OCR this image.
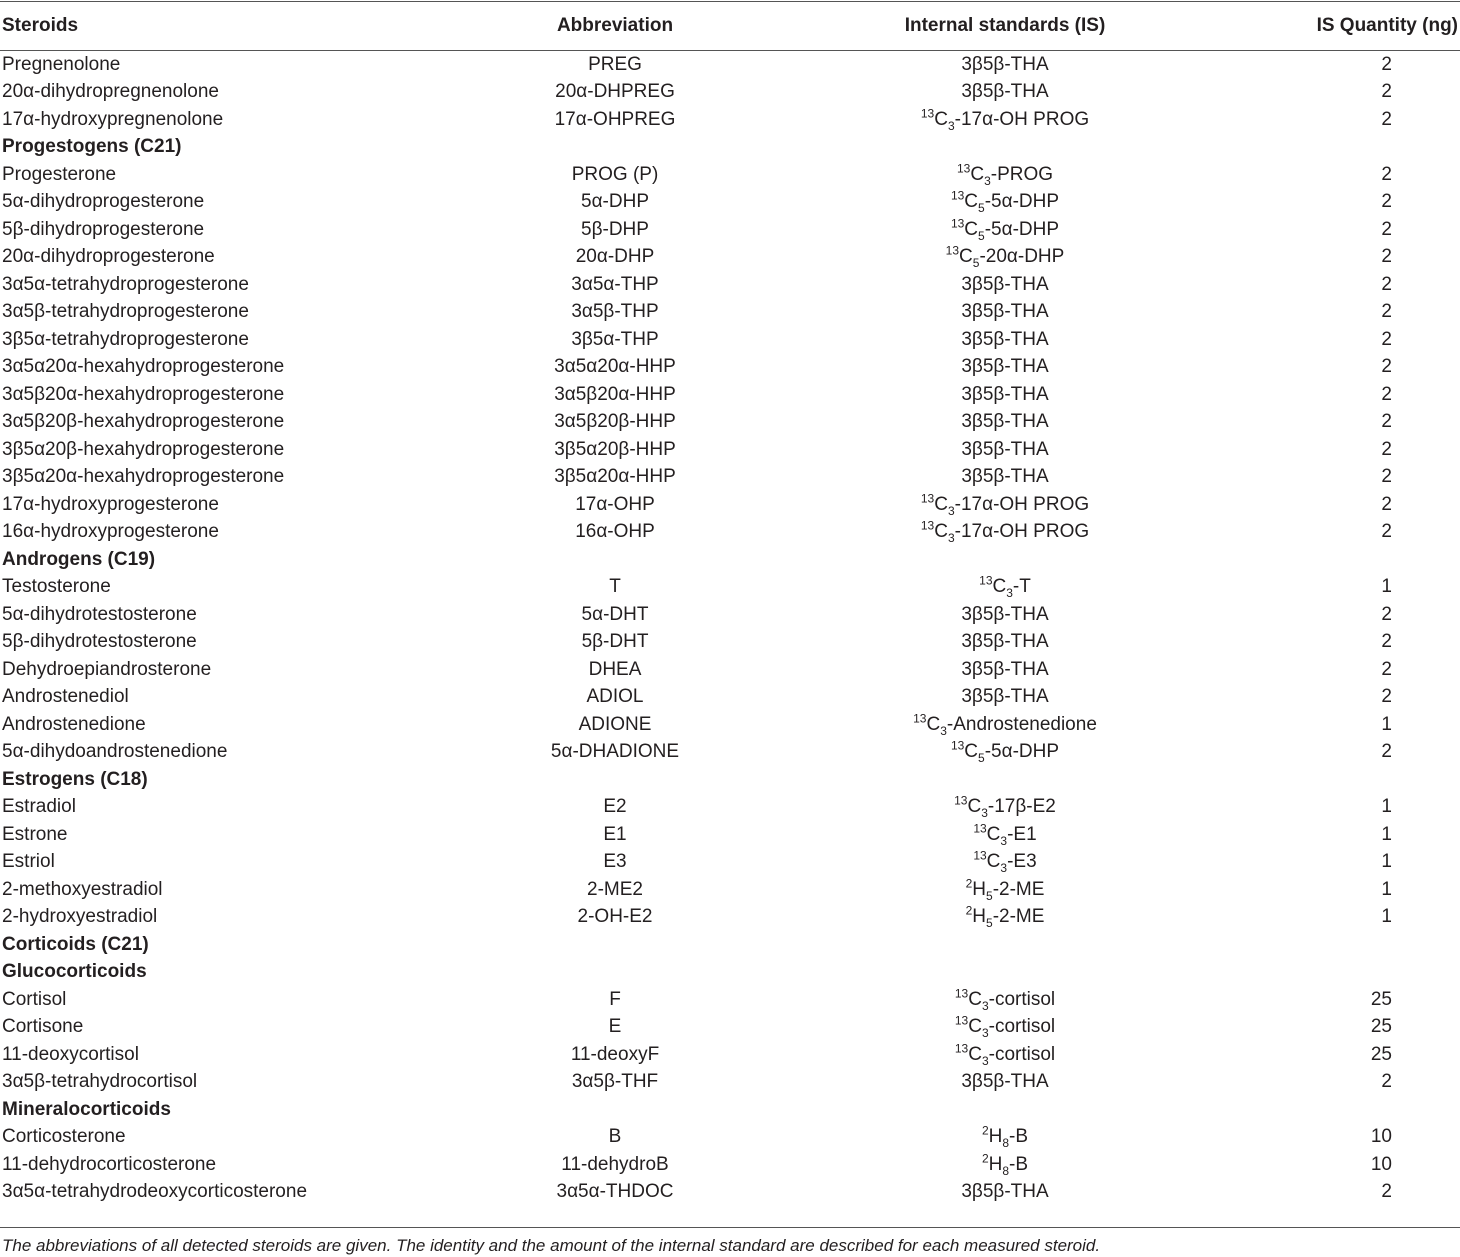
Steroids	Abbreviation	Internal standards (IS)	IS Quantity (ng)
Pregnenolone	PREG	3β5β-THA	2
20α-dihydropregnenolone	20α-DHPREG	3β5β-THA	2
17α-hydroxypregnenolone	17α-OHPREG	$^{13}C_3-17\alpha-OH$ PROG	2
Progestogens (C21)			
Progesterone	PROG (P)	$^{13}C_3$-PROG	2
5α-dihydroprogesterone	5α-DHP	$^{13}C_5-5\alpha$-DHP	2
5β-dihydroprogesterone	5β-DHP	$^{13}C_5-5\alpha$-DHP	2
20α-dihydroprogesterone	20α-DHP	$^{13}C_5-20\alpha$-DHP	2
3α5α-tetrahydroprogesterone	3α5α-THP	3β5β-THA	2
3α5β-tetrahydroprogesterone	3α5β-THP	3β5β-THA	2
3β5α-tetrahydroprogesterone	3β5α-THP	3β5β-THA	2
3α5α20α-hexahydroprogesterone	3α5α20α-HHP	3β5β-THA	2
3α5β20α-hexahydroprogesterone	3α5β20α-HHP	3β5β-THA	2
3α5β20β-hexahydroprogesterone	3α5β20β-HHP	3β5β-THA	2
3β5α20β-hexahydroprogesterone	3β5α20β-HHP	3β5β-THA	2
3β5α20α-hexahydroprogesterone	3β5α20α-HHP	3β5β-THA	2
17α-hydroxyprogesterone	17α-OHP	$^{13}C_3-17\alpha-OH$ PROG	2
16α-hydroxyprogesterone	16α-OHP	$^{13}C_3-17\alpha-OH$ PROG	2
Androgens (C19)			
Testosterone	T	$^{13}C_3-T$	1
5α-dihydrotestosterone	5α-DHT	3β5β-THA	2
5β-dihydrotestosterone	5β-DHT	3β5β-THA	2
Dehydroepiandrosterone	DHEA	3β5β-THA	2
Androstenediol	ADIOL	3β5β-THA	2
Androstenedione	ADIONE	$^{13}C_3$-Androstenedione	1
5α-dihydoandrostenedione	5α-DHADIONE	$^{13}C_5-5\alpha$-DHP	2
Estrogens (C18)			
Estradiol	E2	$^{13}C_3-17\beta-E2$	1
Estrone	E1	$^{13}C_3-E1$	1
Estriol	E3	$^{13}C_3-E3$	1
2-methoxyestradiol	2-ME2	$^2H_5-2-ME$	1
2-hydroxyestradiol	2-OH-E2	$^2H_5-2-ME$	1
Corticoids (C21)			
Glucocorticoids			
Cortisol	F	$^{13}C_3$-cortisol	25
Cortisone	E	$^{13}C_3$-cortisol	25
11-deoxycortisol	11-deoxyF	$^{13}C_3$-cortisol	25
3α5β-tetrahydrocortisol	3α5β-THF	3β5β-THA	2
Mineralocorticoids			
Corticosterone	B	$^2H_8-B$	10
11-dehydrocorticosterone	11-dehydroB	$^2H_8-B$	10
3α5α-tetrahydrodeoxycorticosterone	3α5α-THDOC	3β5β-THA	2
The abbreviations of all detected steroids are given. The identity and the amount of the internal standard are described for each measured steroid.
